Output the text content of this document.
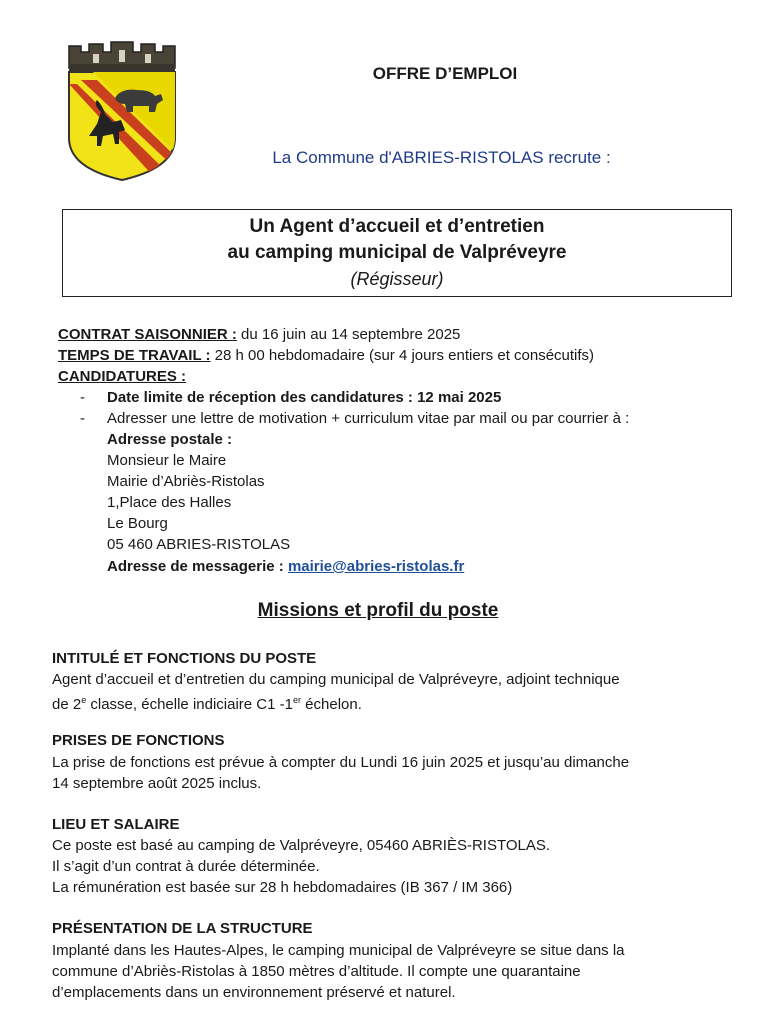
OFFRE D’EMPLOI
La Commune d'ABRIES-RISTOLAS recrute :
Un Agent d’accueil et d’entretien
au camping municipal de Valpréveyre
(Régisseur)
CONTRAT SAISONNIER : du 16 juin au 14 septembre 2025
TEMPS DE TRAVAIL : 28 h 00 hebdomadaire (sur 4 jours entiers et consécutifs)
CANDIDATURES :
- Date limite de réception des candidatures : 12 mai 2025
- Adresser une lettre de motivation + curriculum vitae par mail ou par courrier à :
Adresse postale :
Monsieur le Maire
Mairie d’Abriès-Ristolas
1,Place des Halles
Le Bourg
05 460 ABRIES-RISTOLAS
Adresse de messagerie : mairie@abries-ristolas.fr
Missions et profil du poste
INTITULÉ ET FONCTIONS DU POSTE
Agent d’accueil et d’entretien du camping municipal de Valpréveyre, adjoint technique
de 2e classe, échelle indiciaire C1 -1er échelon.
PRISES DE FONCTIONS
La prise de fonctions est prévue à compter du Lundi 16 juin 2025 et jusqu’au dimanche
14 septembre août 2025 inclus.
LIEU ET SALAIRE
Ce poste est basé au camping de Valpréveyre, 05460 ABRIÈS-RISTOLAS.
Il s’agit d’un contrat à durée déterminée.
La rémunération est basée sur 28 h hebdomadaires (IB 367 / IM 366)
PRÉSENTATION DE LA STRUCTURE
Implanté dans les Hautes-Alpes, le camping municipal de Valpréveyre se situe dans la
commune d’Abriès-Ristolas à 1850 mètres d’altitude. Il compte une quarantaine
d’emplacements dans un environnement préservé et naturel.
